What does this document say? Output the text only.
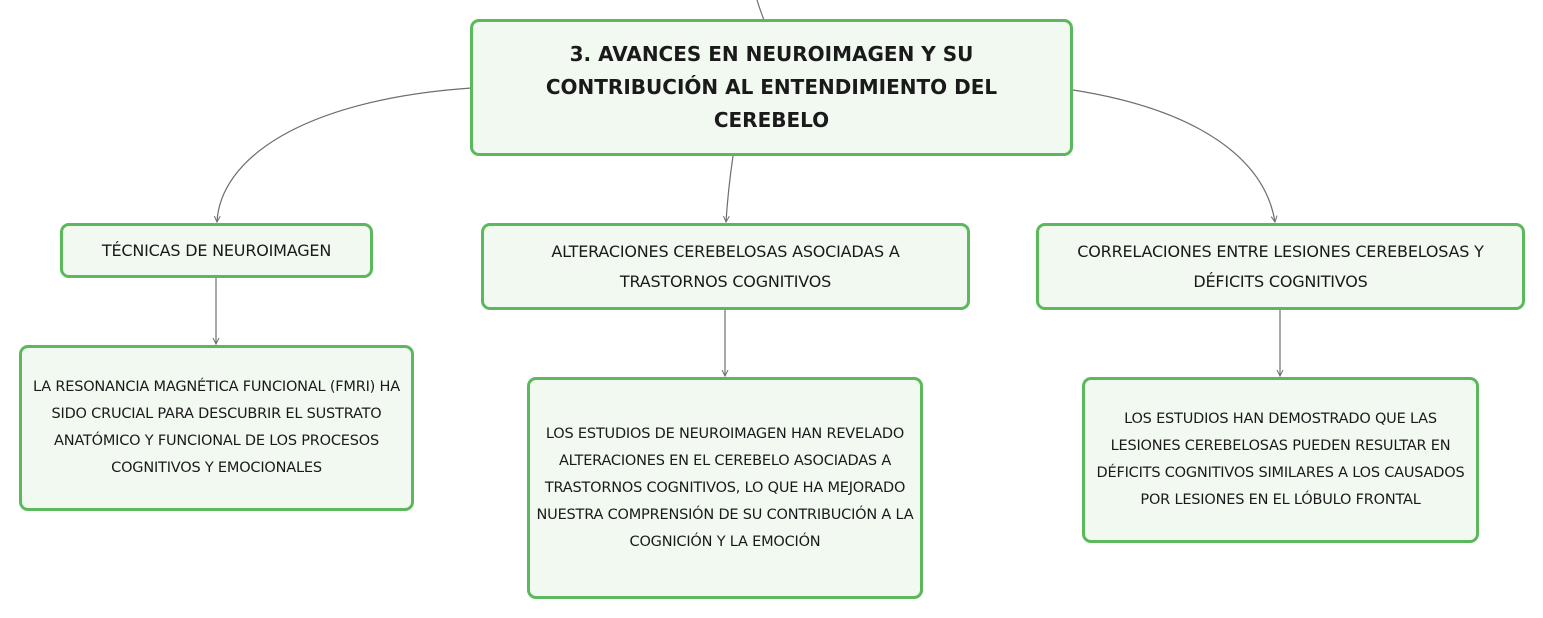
3. AVANCES EN NEUROIMAGEN Y SU CONTRIBUCIÓN AL ENTENDIMIENTO DEL CEREBELO
TÉCNICAS DE NEUROIMAGEN	ALTERACIONES CEREBELOSAS ASOCIADAS A TRASTORNOS COGNITIVOS
CORRELACIONES ENTRE LESIONES CEREBELOSAS Y DÉFICITS COGNITIVOS
LA RESONANCIA MAGNÉTICA FUNCIONAL (FMRI) HA SIDO CRUCIAL PARA DESCUBRIR EL SUSTRATO ANATÓMICO Y FUNCIONAL DE LOS PROCESOS COGNITIVOS Y EMOCIONALES
LOS ESTUDIOS DE NEUROIMAGEN HAN REVELADO ALTERACIONES EN EL CEREBELO ASOCIADAS A TRASTORNOS COGNITIVOS, LO QUE HA MEJORADO NUESTRA COMPRENSIÓN DE SU CONTRIBUCIÓN A LA COGNICIÓN Y LA EMOCIÓN
LOS ESTUDIOS HAN DEMOSTRADO QUE LAS LESIONES CEREBELOSAS PUEDEN RESULTAR EN DÉFICITS COGNITIVOS SIMILARES A LOS CAUSADOS POR LESIONES EN EL LÓBULO FRONTAL
